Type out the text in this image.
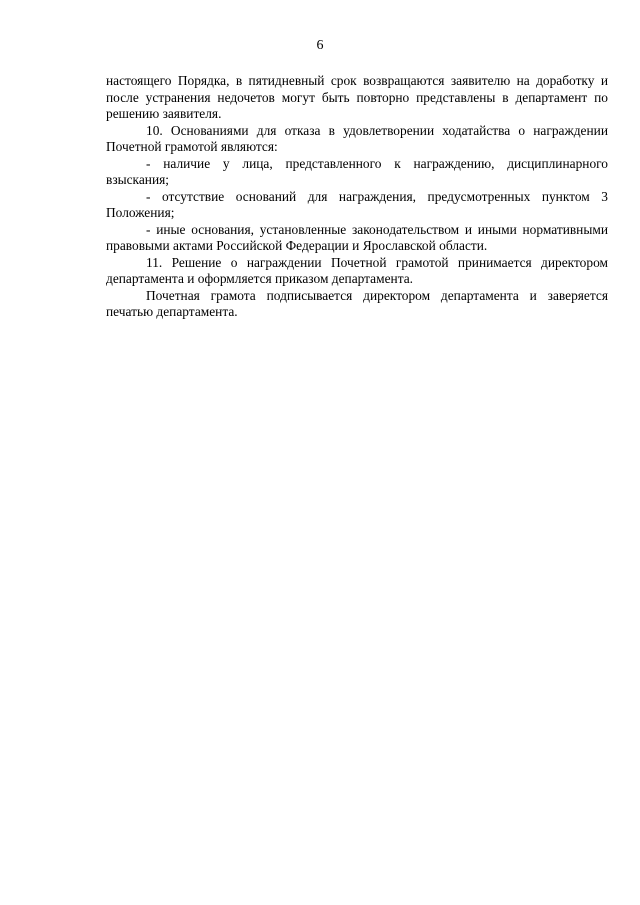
6

настоящего Порядка, в пятидневный срок возвращаются заявителю на доработку и после устранения недочетов могут быть повторно представлены в департамент по решению заявителя.

10. Основаниями для отказа в удовлетворении ходатайства о награждении Почетной грамотой являются:

- наличие у лица, представленного к награждению, дисциплинарного взыскания;

- отсутствие оснований для награждения, предусмотренных пунктом 3 Положения;

- иные основания, установленные законодательством и иными нормативными правовыми актами Российской Федерации и Ярославской области.

11. Решение о награждении Почетной грамотой принимается директором департамента и оформляется приказом департамента.

Почетная грамота подписывается директором департамента и заверяется печатью департамента.
